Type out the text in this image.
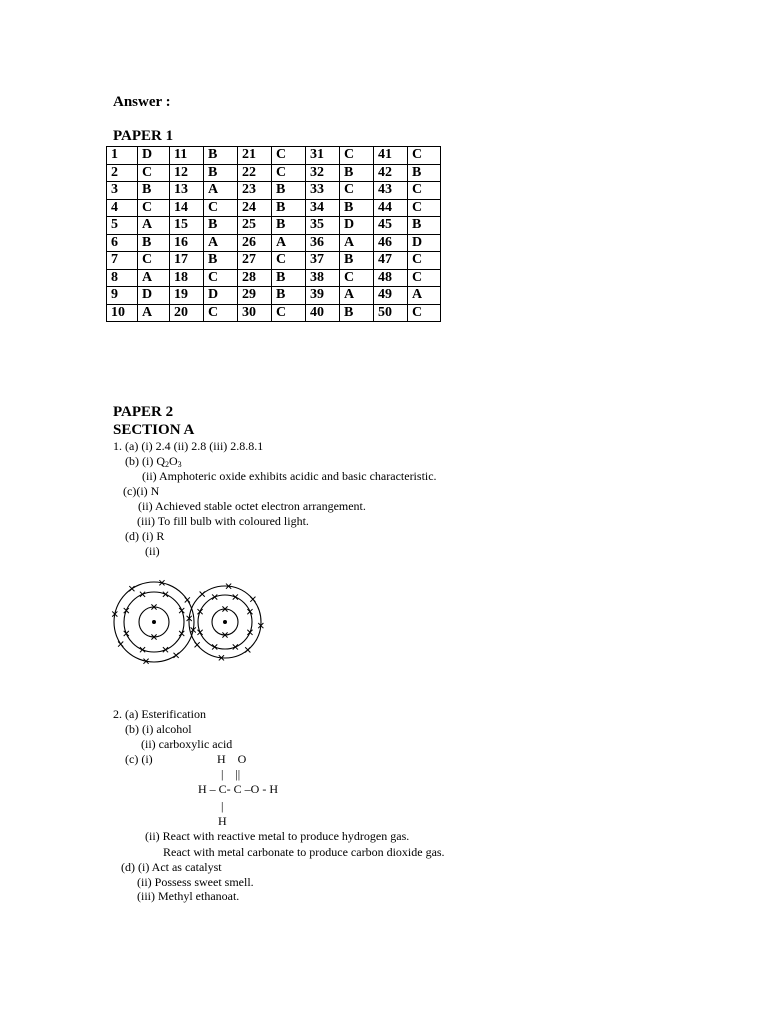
Answer :
PAPER 1
1	D	11	B	21	C	31	C	41	C
2	C	12	B	22	C	32	B	42	B
3	B	13	A	23	B	33	C	43	C
4	C	14	C	24	B	34	B	44	C
5	A	15	B	25	B	35	D	45	B
6	B	16	A	26	A	36	A	46	D
7	C	17	B	27	C	37	B	47	C
8	A	18	C	28	B	38	C	48	C
9	D	19	D	29	B	39	A	49	A
10	A	20	C	30	C	40	B	50	C
PAPER 2
SECTION A
1. (a) (i) 2.4 (ii) 2.8 (iii) 2.8.8.1
(b) (i) $Q_2O_3$
(ii) Amphoteric oxide exhibits acidic and basic characteristic.
(c)(i) N
(ii) Achieved stable octet electron arrangement.
(iii) To fill bulb with coloured light.
(d) (i) R
(ii)
2. (a) Esterification
(b) (i) alcohol
(ii) carboxylic acid
(c) (i)	H    O
|    ||
H – C- C –O - H
|
H
(ii) React with reactive metal to produce hydrogen gas.
React with metal carbonate to produce carbon dioxide gas.
(d) (i) Act as catalyst
(ii) Possess sweet smell.
(iii) Methyl ethanoat.
